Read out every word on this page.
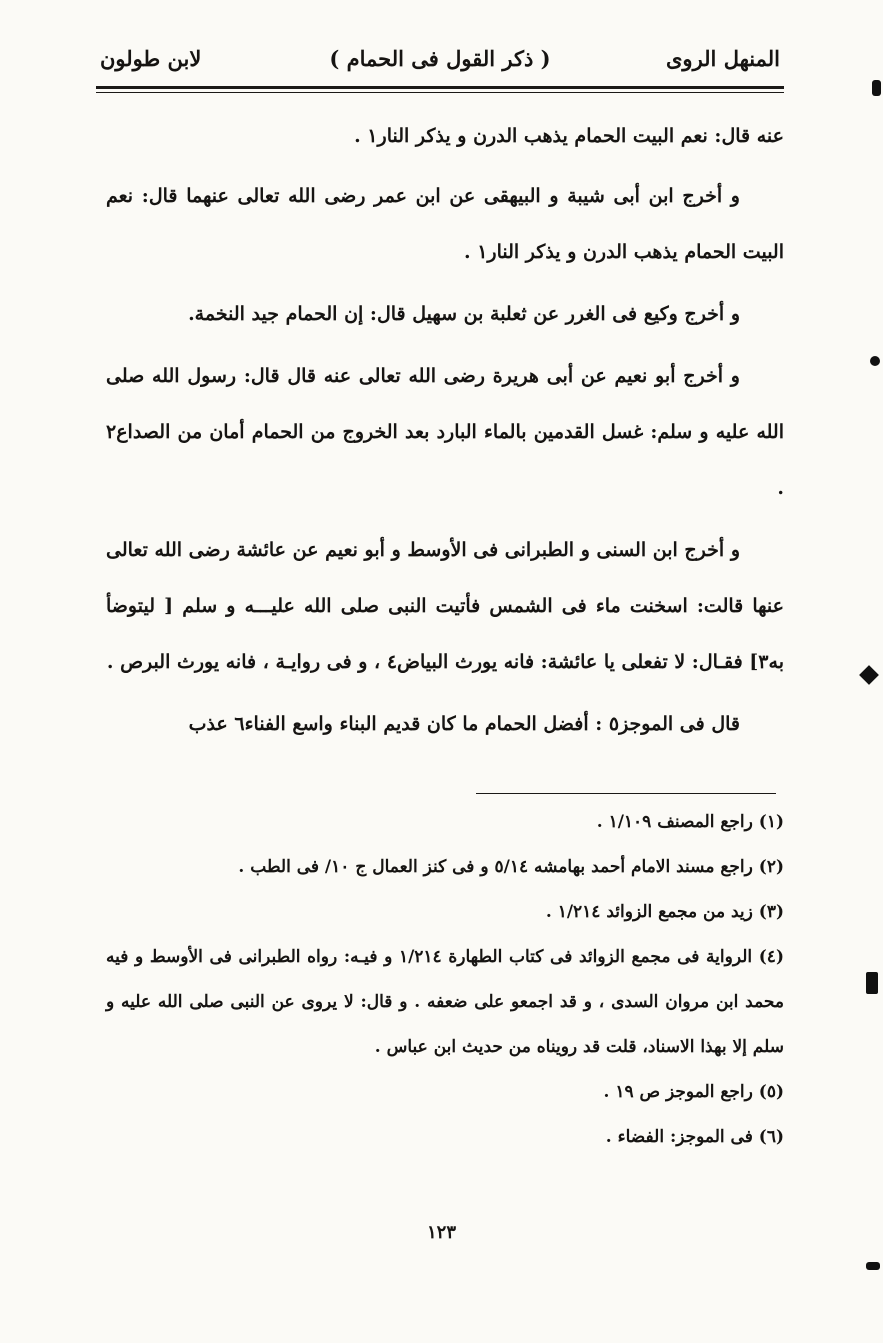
المنهل الروى
( ذكر القول فى الحمام )
لابن طولون

عنه قال: نعم البيت الحمام يذهب الدرن و يذكر النار١ .

و أخرج ابن أبى شيبة و البيهقى عن ابن عمر رضى الله تعالى عنهما قال: نعم البيت الحمام يذهب الدرن و يذكر النار١ .

و أخرج وكيع فى الغرر عن ثعلبة بن سهيل قال: إن الحمام جيد النخمة.

و أخرج أبو نعيم عن أبى هريرة رضى الله تعالى عنه قال قال: رسول الله صلى الله عليه و سلم: غسل القدمين بالماء البارد بعد الخروج من الحمام أمان من الصداع٢ .

و أخرج ابن السنى و الطبرانى فى الأوسط و أبو نعيم عن عائشة رضى الله تعالى عنها قالت: اسخنت ماء فى الشمس فأتيت النبى صلى الله عليـــه و سلم [ ليتوضأ به٣] فقـال: لا تفعلى يا عائشة: فانه يورث البياض٤ ، و فى روايـة ، فانه يورث البرص .

قال فى الموجز٥ : أفضل الحمام ما كان قديم البناء واسع الفناء٦ عذب

(١) راجع المصنف ١/١٠٩ .

(٢) راجع مسند الامام أحمد بهامشه ٥/١٤ و فى كنز العمال ج ١٠/ فى الطب .

(٣) زيد من مجمع الزوائد ١/٢١٤ .

(٤) الرواية فى مجمع الزوائد فى كتاب الطهارة ١/٢١٤ و فيـه: رواه الطبرانى فى الأوسط و فيه محمد ابن مروان السدى ، و قد اجمعو على ضعفه . و قال: لا يروى عن النبى صلى الله عليه و سلم إلا بهذا الاسناد، قلت قد رويناه من حديث ابن عباس .

(٥) راجع الموجز ص ١٩ .

(٦) فى الموجز: الفضاء .

١٢٣
